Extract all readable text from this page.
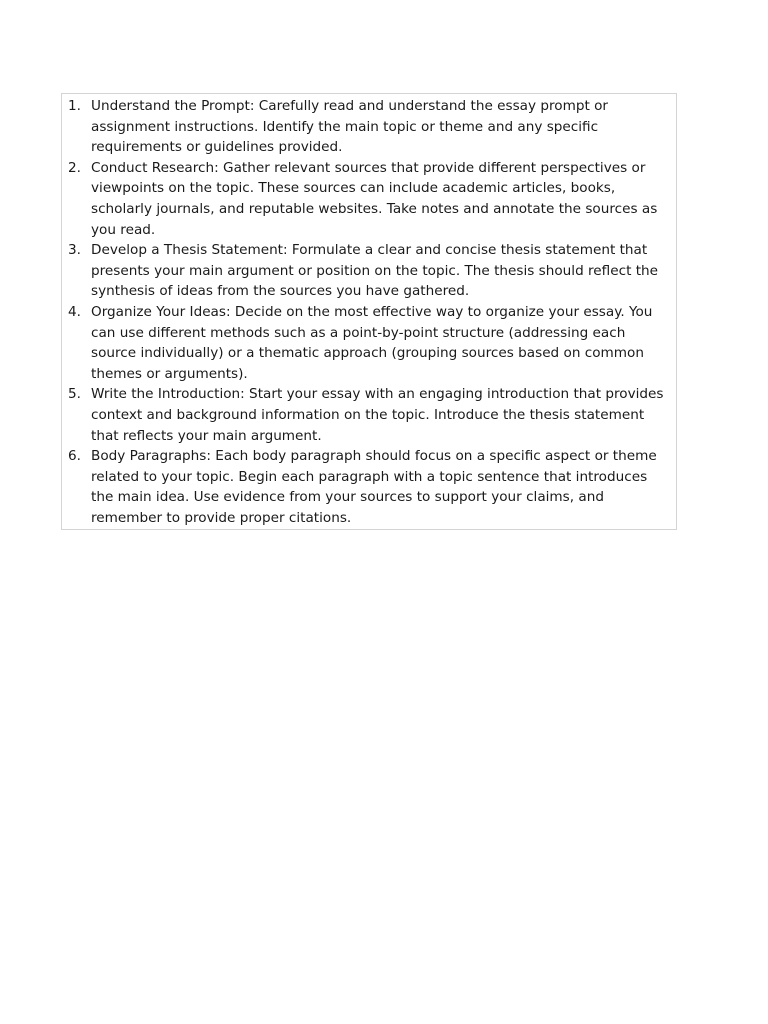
1. Understand the Prompt: Carefully read and understand the essay prompt or assignment instructions. Identify the main topic or theme and any specific requirements or guidelines provided.
2. Conduct Research: Gather relevant sources that provide different perspectives or viewpoints on the topic. These sources can include academic articles, books, scholarly journals, and reputable websites. Take notes and annotate the sources as you read.
3. Develop a Thesis Statement: Formulate a clear and concise thesis statement that presents your main argument or position on the topic. The thesis should reflect the synthesis of ideas from the sources you have gathered.
4. Organize Your Ideas: Decide on the most effective way to organize your essay. You can use different methods such as a point-by-point structure (addressing each source individually) or a thematic approach (grouping sources based on common themes or arguments).
5. Write the Introduction: Start your essay with an engaging introduction that provides context and background information on the topic. Introduce the thesis statement that reflects your main argument.
6. Body Paragraphs: Each body paragraph should focus on a specific aspect or theme related to your topic. Begin each paragraph with a topic sentence that introduces the main idea. Use evidence from your sources to support your claims, and remember to provide proper citations.
